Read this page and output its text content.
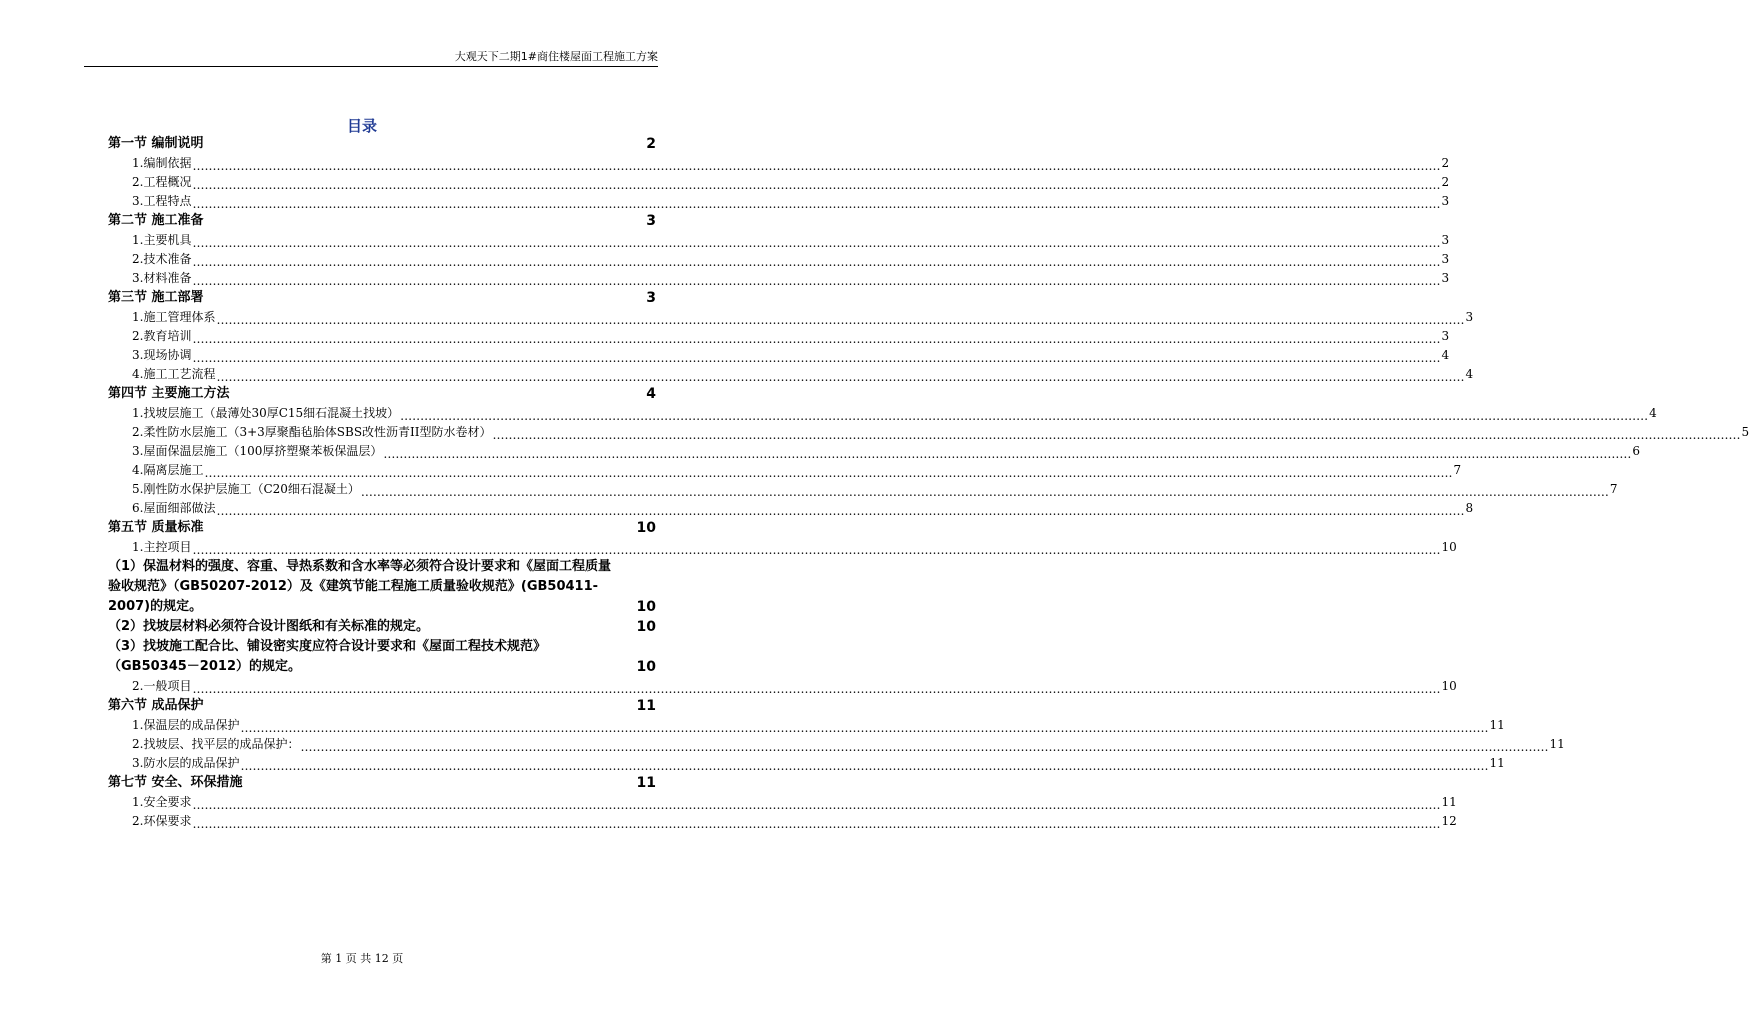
大观天下二期1#商住楼屋面工程施工方案
目录
第一节 编制说明	2
1.编制依据 …………………………………………………………………………………………………………………………………………………………………………………………………………………………………………………………………………………… 2
2.工程概况 …………………………………………………………………………………………………………………………………………………………………………………………………………………………………………………………………………………… 2
3.工程特点 …………………………………………………………………………………………………………………………………………………………………………………………………………………………………………………………………………………… 3
第二节 施工准备	3
1.主要机具 …………………………………………………………………………………………………………………………………………………………………………………………………………………………………………………………………………………… 3
2.技术准备 …………………………………………………………………………………………………………………………………………………………………………………………………………………………………………………………………………………… 3
3.材料准备 …………………………………………………………………………………………………………………………………………………………………………………………………………………………………………………………………………………… 3
第三节 施工部署	3
1.施工管理体系 …………………………………………………………………………………………………………………………………………………………………………………………………………………………………………………………………………………… 3
2.教育培训 …………………………………………………………………………………………………………………………………………………………………………………………………………………………………………………………………………………… 3
3.现场协调 …………………………………………………………………………………………………………………………………………………………………………………………………………………………………………………………………………………… 4
4.施工工艺流程 …………………………………………………………………………………………………………………………………………………………………………………………………………………………………………………………………………………… 4
第四节 主要施工方法	4
1.找坡层施工（最薄处30厚C15细石混凝土找坡） …………………………………………………………………………………………………………………………………………………………………………………………………………………………………………………………………………………… 4
2.柔性防水层施工（3+3厚聚酯毡胎体SBS改性沥青II型防水卷材） …………………………………………………………………………………………………………………………………………………………………………………………………………………………………………………………………………………… 5
3.屋面保温层施工（100厚挤塑聚苯板保温层） …………………………………………………………………………………………………………………………………………………………………………………………………………………………………………………………………………………… 6
4.隔离层施工 …………………………………………………………………………………………………………………………………………………………………………………………………………………………………………………………………………………… 7
5.刚性防水保护层施工（C20细石混凝土） …………………………………………………………………………………………………………………………………………………………………………………………………………………………………………………………………………………… 7
6.屋面细部做法 …………………………………………………………………………………………………………………………………………………………………………………………………………………………………………………………………………………… 8
第五节 质量标准	10
1.主控项目 …………………………………………………………………………………………………………………………………………………………………………………………………………………………………………………………………………………… 10
（1）保温材料的强度、容重、导热系数和含水率等必须符合设计要求和《屋面工程质量
验收规范》（GB50207-2012）及《建筑节能工程施工质量验收规范》(GB50411-
2007)的规定。	10
（2）找坡层材料必须符合设计图纸和有关标准的规定。	10
（3）找坡施工配合比、铺设密实度应符合设计要求和《屋面工程技术规范》
（GB50345－2012）的规定。	10
2.一般项目 …………………………………………………………………………………………………………………………………………………………………………………………………………………………………………………………………………………… 10
第六节 成品保护	11
1.保温层的成品保护 …………………………………………………………………………………………………………………………………………………………………………………………………………………………………………………………………………………… 11
2.找坡层、找平层的成品保护： …………………………………………………………………………………………………………………………………………………………………………………………………………………………………………………………………………………… 11
3.防水层的成品保护 …………………………………………………………………………………………………………………………………………………………………………………………………………………………………………………………………………………… 11
第七节 安全、环保措施	11
1.安全要求 …………………………………………………………………………………………………………………………………………………………………………………………………………………………………………………………………………………… 11
2.环保要求 …………………………………………………………………………………………………………………………………………………………………………………………………………………………………………………………………………………… 12
第 1 页 共 12 页
